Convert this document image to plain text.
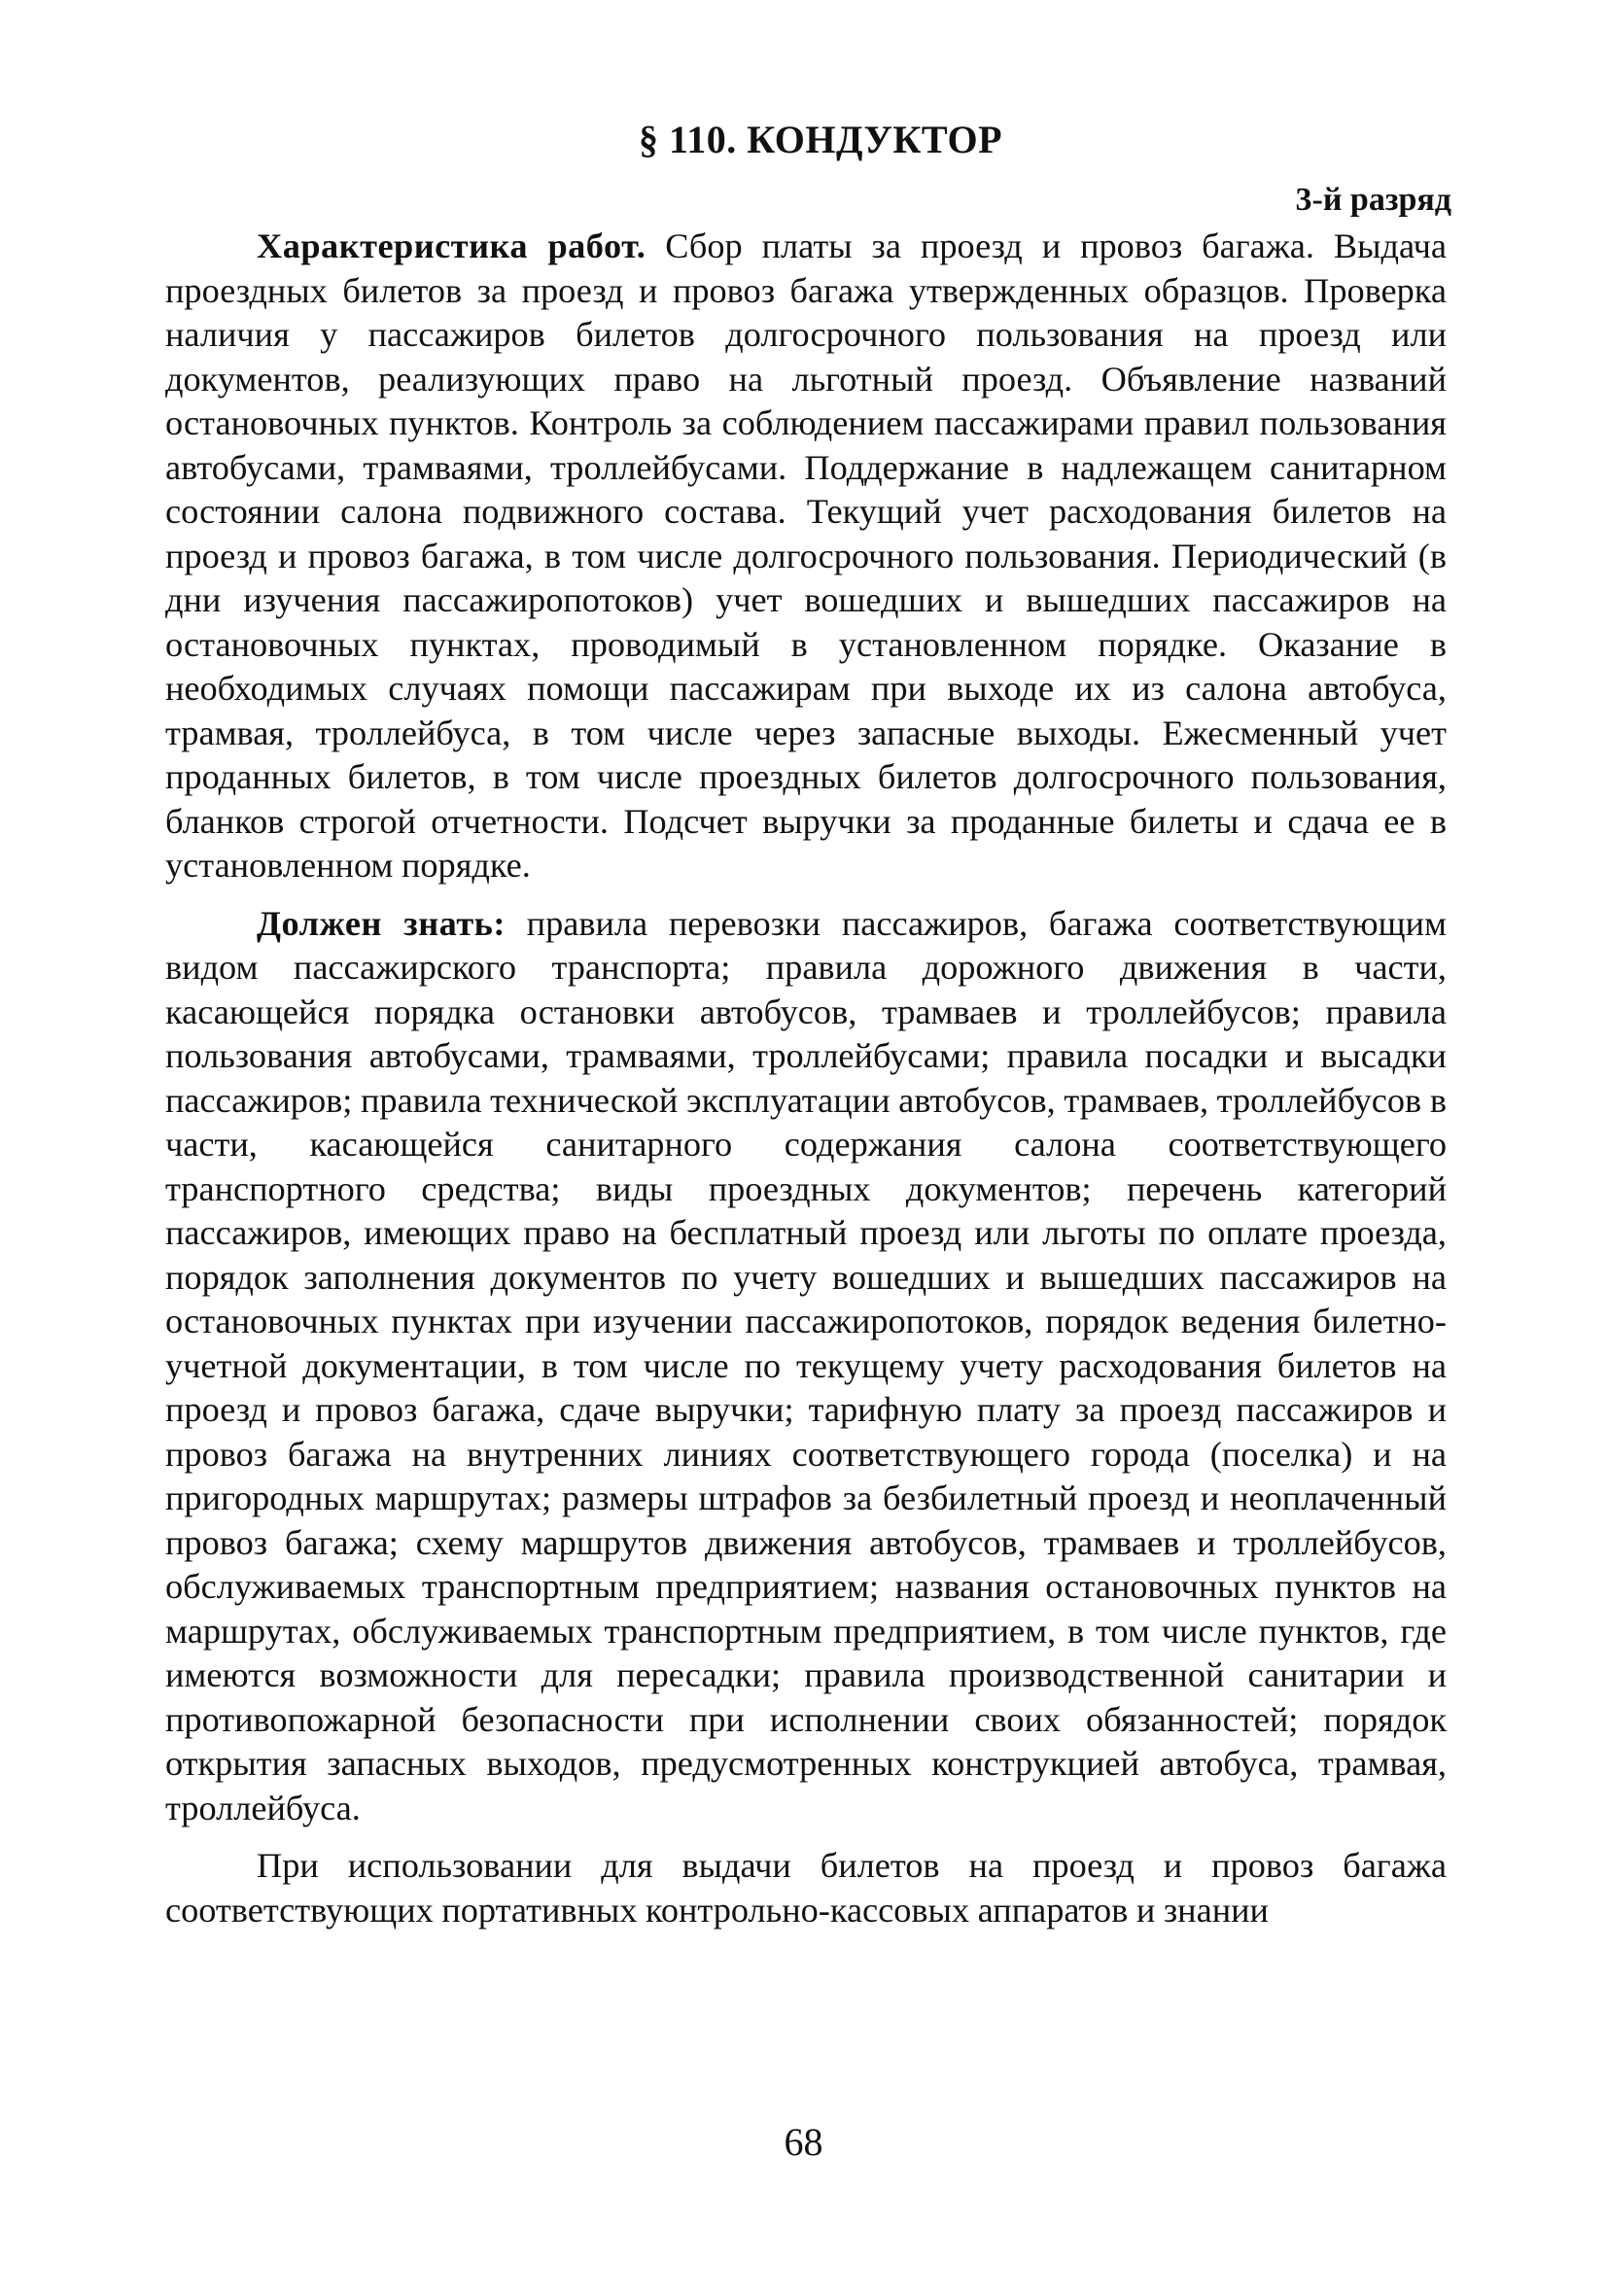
§ 110. КОНДУКТОР
3-й разряд

Характеристика работ. Сбор платы за проезд и провоз багажа. Выдача проездных билетов за проезд и провоз багажа утвержденных образцов. Проверка наличия у пассажиров билетов долгосрочного пользования на проезд или документов, реализующих право на льготный проезд. Объявление названий остановочных пунктов. Контроль за соблюдением пассажирами правил пользования автобусами, трамваями, троллейбусами. Поддержание в надлежащем санитарном состоянии салона подвижного состава. Текущий учет расходования билетов на проезд и провоз багажа, в том числе долгосрочного пользования. Периодический (в дни изучения пассажиропотоков) учет вошедших и вышедших пассажиров на остановочных пунктах, проводимый в установленном порядке. Оказание в необходимых случаях помощи пассажирам при выходе их из салона автобуса, трамвая, троллейбуса, в том числе через запасные выходы. Ежесменный учет проданных билетов, в том числе проездных билетов долгосрочного пользования, бланков строгой отчетности. Подсчет выручки за проданные билеты и сдача ее в установленном порядке.

Должен знать: правила перевозки пассажиров, багажа соответствующим видом пассажирского транспорта; правила дорожного движения в части, касающейся порядка остановки автобусов, трамваев и троллейбусов; правила пользования автобусами, трамваями, троллейбусами; правила посадки и высадки пассажиров; правила технической эксплуатации автобусов, трамваев, троллейбусов в части, касающейся санитарного содержания салона соответствующего транспортного средства; виды проездных документов; перечень категорий пассажиров, имеющих право на бесплатный проезд или льготы по оплате проезда, порядок заполнения документов по учету вошедших и вышедших пассажиров на остановочных пунктах при изучении пассажиропотоков, порядок ведения билетно-учетной документации, в том числе по текущему учету расходования билетов на проезд и провоз багажа, сдаче выручки; тарифную плату за проезд пассажиров и провоз багажа на внутренних линиях соответствующего города (поселка) и на пригородных маршрутах; размеры штрафов за безбилетный проезд и неоплаченный провоз багажа; схему маршрутов движения автобусов, трамваев и троллейбусов, обслуживаемых транспортным предприятием; названия остановочных пунктов на маршрутах, обслуживаемых транспортным предприятием, в том числе пунктов, где имеются возможности для пересадки; правила производственной санитарии и противопожарной безопасности при исполнении своих обязанностей; порядок открытия запасных выходов, предусмотренных конструкцией автобуса, трамвая, троллейбуса.

При использовании для выдачи билетов на проезд и провоз багажа соответствующих портативных контрольно-кассовых аппаратов и знании

68
